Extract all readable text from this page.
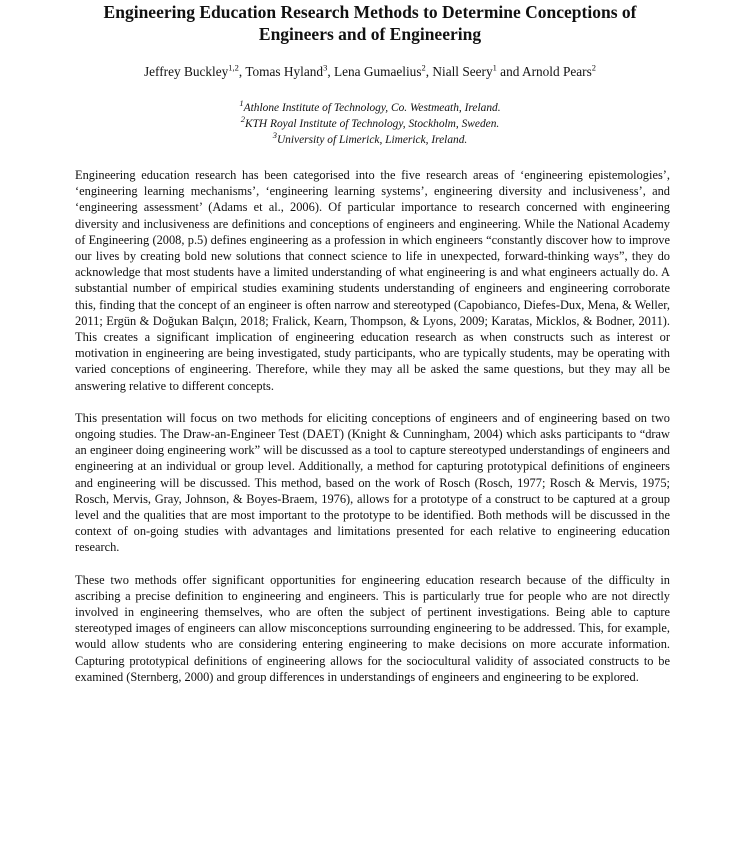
Engineering Education Research Methods to Determine Conceptions of
Engineers and of Engineering
Jeffrey Buckley$^{1,2}$, Tomas Hyland$^3$, Lena Gumaelius$^2$, Niall Seery$^1$ and Arnold Pears$^2$
$^1$Athlone Institute of Technology, Co. Westmeath, Ireland.
$^2$KTH Royal Institute of Technology, Stockholm, Sweden.
$^3$University of Limerick, Limerick, Ireland.

Engineering education research has been categorised into the five research areas of ‘engineering epistemologies’, ‘engineering learning mechanisms’, ‘engineering learning systems’, engineering diversity and inclusiveness’, and ‘engineering assessment’ (Adams et al., 2006). Of particular importance to research concerned with engineering diversity and inclusiveness are definitions and conceptions of engineers and engineering. While the National Academy of Engineering (2008, p.5) defines engineering as a profession in which engineers “constantly discover how to improve our lives by creating bold new solutions that connect science to life in unexpected, forward-thinking ways”, they do acknowledge that most students have a limited understanding of what engineering is and what engineers actually do. A substantial number of empirical studies examining students understanding of engineers and engineering corroborate this, finding that the concept of an engineer is often narrow and stereotyped (Capobianco, Diefes-Dux, Mena, & Weller, 2011; Ergün & Doğukan Balçın, 2018; Fralick, Kearn, Thompson, & Lyons, 2009; Karatas, Micklos, & Bodner, 2011). This creates a significant implication of engineering education research as when constructs such as interest or motivation in engineering are being investigated, study participants, who are typically students, may be operating with varied conceptions of engineering. Therefore, while they may all be asked the same questions, but they may all be answering relative to different concepts.

This presentation will focus on two methods for eliciting conceptions of engineers and of engineering based on two ongoing studies. The Draw-an-Engineer Test (DAET) (Knight & Cunningham, 2004) which asks participants to “draw an engineer doing engineering work” will be discussed as a tool to capture stereotyped understandings of engineers and engineering at an individual or group level. Additionally, a method for capturing prototypical definitions of engineers and engineering will be discussed. This method, based on the work of Rosch (Rosch, 1977; Rosch & Mervis, 1975; Rosch, Mervis, Gray, Johnson, & Boyes-Braem, 1976), allows for a prototype of a construct to be captured at a group level and the qualities that are most important to the prototype to be identified. Both methods will be discussed in the context of on-going studies with advantages and limitations presented for each relative to engineering education research.

These two methods offer significant opportunities for engineering education research because of the difficulty in ascribing a precise definition to engineering and engineers. This is particularly true for people who are not directly involved in engineering themselves, who are often the subject of pertinent investigations. Being able to capture stereotyped images of engineers can allow misconceptions surrounding engineering to be addressed. This, for example, would allow students who are considering entering engineering to make decisions on more accurate information. Capturing prototypical definitions of engineering allows for the sociocultural validity of associated constructs to be examined (Sternberg, 2000) and group differences in understandings of engineers and engineering to be explored.
